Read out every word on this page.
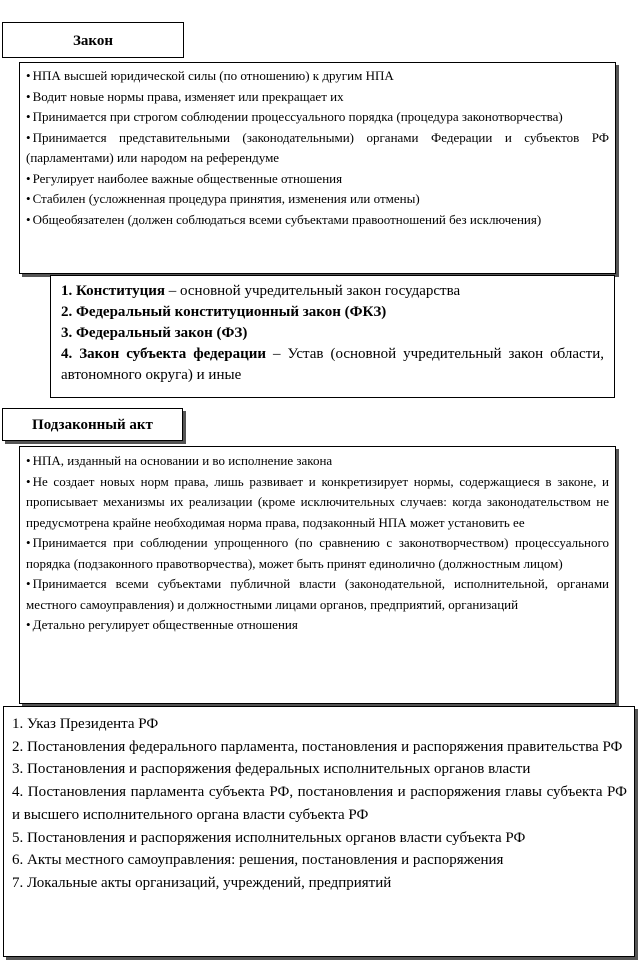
Закон
• НПА высшей юридической силы (по отношению) к другим НПА
• Водит новые нормы права, изменяет или прекращает их
• Принимается при строгом соблюдении процессуального порядка (процедура законотворчества)
• Принимается представительными (законодательными) органами Федерации и субъектов РФ (парламентами) или народом на референдуме
• Регулирует наиболее важные общественные отношения
• Стабилен (усложненная процедура принятия, изменения или отмены)
• Общеобязателен (должен соблюдаться всеми субъектами правоотношений без исключения)
1. Конституция – основной учредительный закон государства
2. Федеральный конституционный закон (ФКЗ)
3. Федеральный закон (ФЗ)
4. Закон субъекта федерации – Устав (основной учредительный закон области, автономного округа) и иные
Подзаконный акт
• НПА, изданный на основании и во исполнение закона
• Не создает новых норм права, лишь развивает и конкретизирует нормы, содержащиеся в законе, и прописывает механизмы их реализации (кроме исключительных случаев: когда законодательством не предусмотрена крайне необходимая норма права, подзаконный НПА может установить ее
• Принимается при соблюдении упрощенного (по сравнению с законотворчеством) процессуального порядка (подзаконного правотворчества), может быть принят единолично (должностным лицом)
• Принимается всеми субъектами публичной власти (законодательной, исполнительной, органами местного самоуправления) и должностными лицами органов, предприятий, организаций
• Детально регулирует общественные отношения
1. Указ Президента РФ
2. Постановления федерального парламента, постановления и распоряжения правительства РФ
3. Постановления и распоряжения федеральных исполнительных органов власти
4. Постановления парламента субъекта РФ, постановления и распоряжения главы субъекта РФ и высшего исполнительного органа власти субъекта РФ
5. Постановления и распоряжения исполнительных органов власти субъекта РФ
6. Акты местного самоуправления: решения, постановления и распоряжения
7. Локальные акты организаций, учреждений, предприятий
